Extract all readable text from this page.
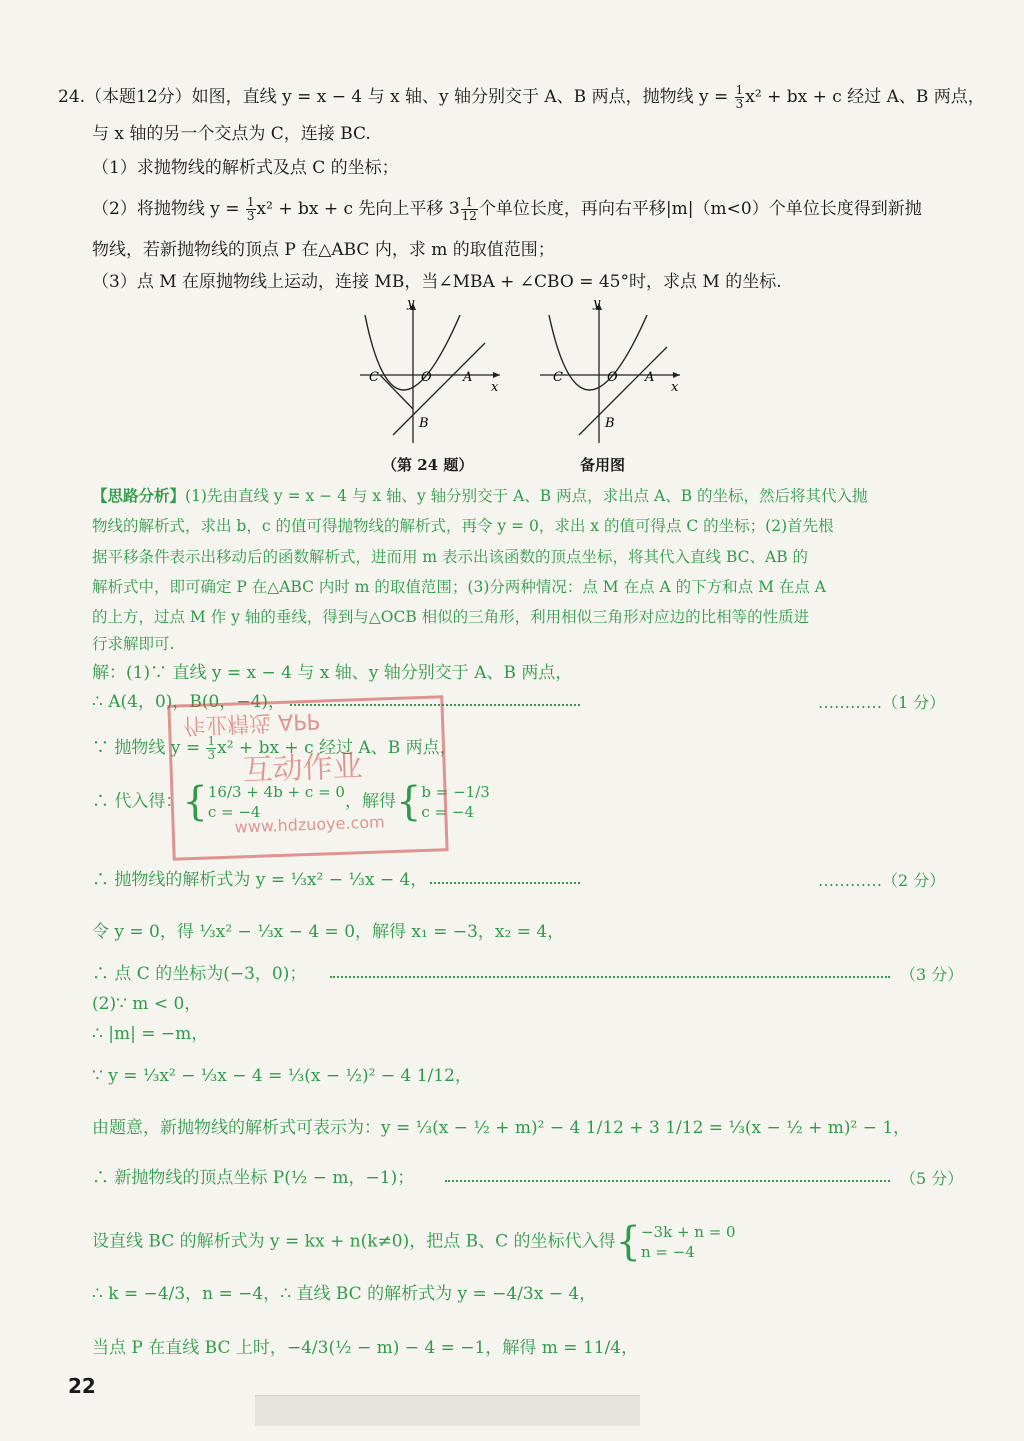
24.（本题12分）如图，直线 y = x − 4 与 x 轴、y 轴分别交于 A、B 两点，抛物线 $y = \frac{1}{3} x^2$ + bx + c 经过 A、B 两点，
与 x 轴的另一个交点为 C，连接 BC.
（1）求抛物线的解析式及点 C 的坐标；
（2）将抛物线 $y = \frac{1}{3} x^2$ + bx + c 先向上平移 $3 \frac{1}{12}$ 个单位长度，再向右平移|m|（m<0）个单位长度得到新抛
物线，若新抛物线的顶点 P 在△ABC 内，求 m 的取值范围；
（3）点 M 在原抛物线上运动，连接 MB，当∠MBA + ∠CBO = 45°时，求点 M 的坐标.
y
x
C	O A
B
y
x
C	O A
B
（第 24 题）	备用图
【思路分析】(1)先由直线 y = x − 4 与 x 轴、y 轴分别交于 A、B 两点，求出点 A、B 的坐标，然后将其代入抛
物线的解析式，求出 b，c 的值可得抛物线的解析式，再令 y = 0，求出 x 的值可得点 C 的坐标；(2)首先根
据平移条件表示出移动后的函数解析式，进而用 m 表示出该函数的顶点坐标，将其代入直线 BC、AB 的
解析式中，即可确定 P 在△ABC 内时 m 的取值范围；(3)分两种情况：点 M 在点 A 的下方和点 M 在点 A
的上方，过点 M 作 y 轴的垂线，得到与△OCB 相似的三角形，利用相似三角形对应边的比相等的性质进
行求解即可.
解：(1)∵ 直线 y = x − 4 与 x 轴、y 轴分别交于 A、B 两点，
∴ A(4，0)，B(0，−4)，	…………（1 分）
∵ 抛物线 $y = \frac{1}{3} x^2$ + bx + c 经过 A、B 两点，
∴ 代入得：{ 16/3 + 4b + c = 0
c = −4
，解得{ b = −1/3
c = −4
∴ 抛物线的解析式为 y = ⅓x² − ⅓x − 4，	…………（2 分）
令 y = 0，得 ⅓x² − ⅓x − 4 = 0，解得 x₁ = −3，x₂ = 4，
∴ 点 C 的坐标为(−3，0)；	（3 分）
(2)∵ m < 0，
∴ |m| = −m，
∵ y = ⅓x² − ⅓x − 4 = ⅓(x − ½)² − 4 1/12，
由题意，新抛物线的解析式可表示为：y = ⅓(x − ½ + m)² − 4 1/12 + 3 1/12 = ⅓(x − ½ + m)² − 1，
∴ 新抛物线的顶点坐标 P(½ − m，−1)；	（5 分）
设直线 BC 的解析式为 y = kx + n(k≠0)，把点 B、C 的坐标代入得{ −3k + n = 0
n = −4
∴ k = −4/3，n = −4，∴ 直线 BC 的解析式为 y = −4/3x − 4，
当点 P 在直线 BC 上时，−4/3(½ − m) − 4 = −1，解得 m = 11/4，
作业精选 APP
互动作业
www.hdzuoye.com
22
